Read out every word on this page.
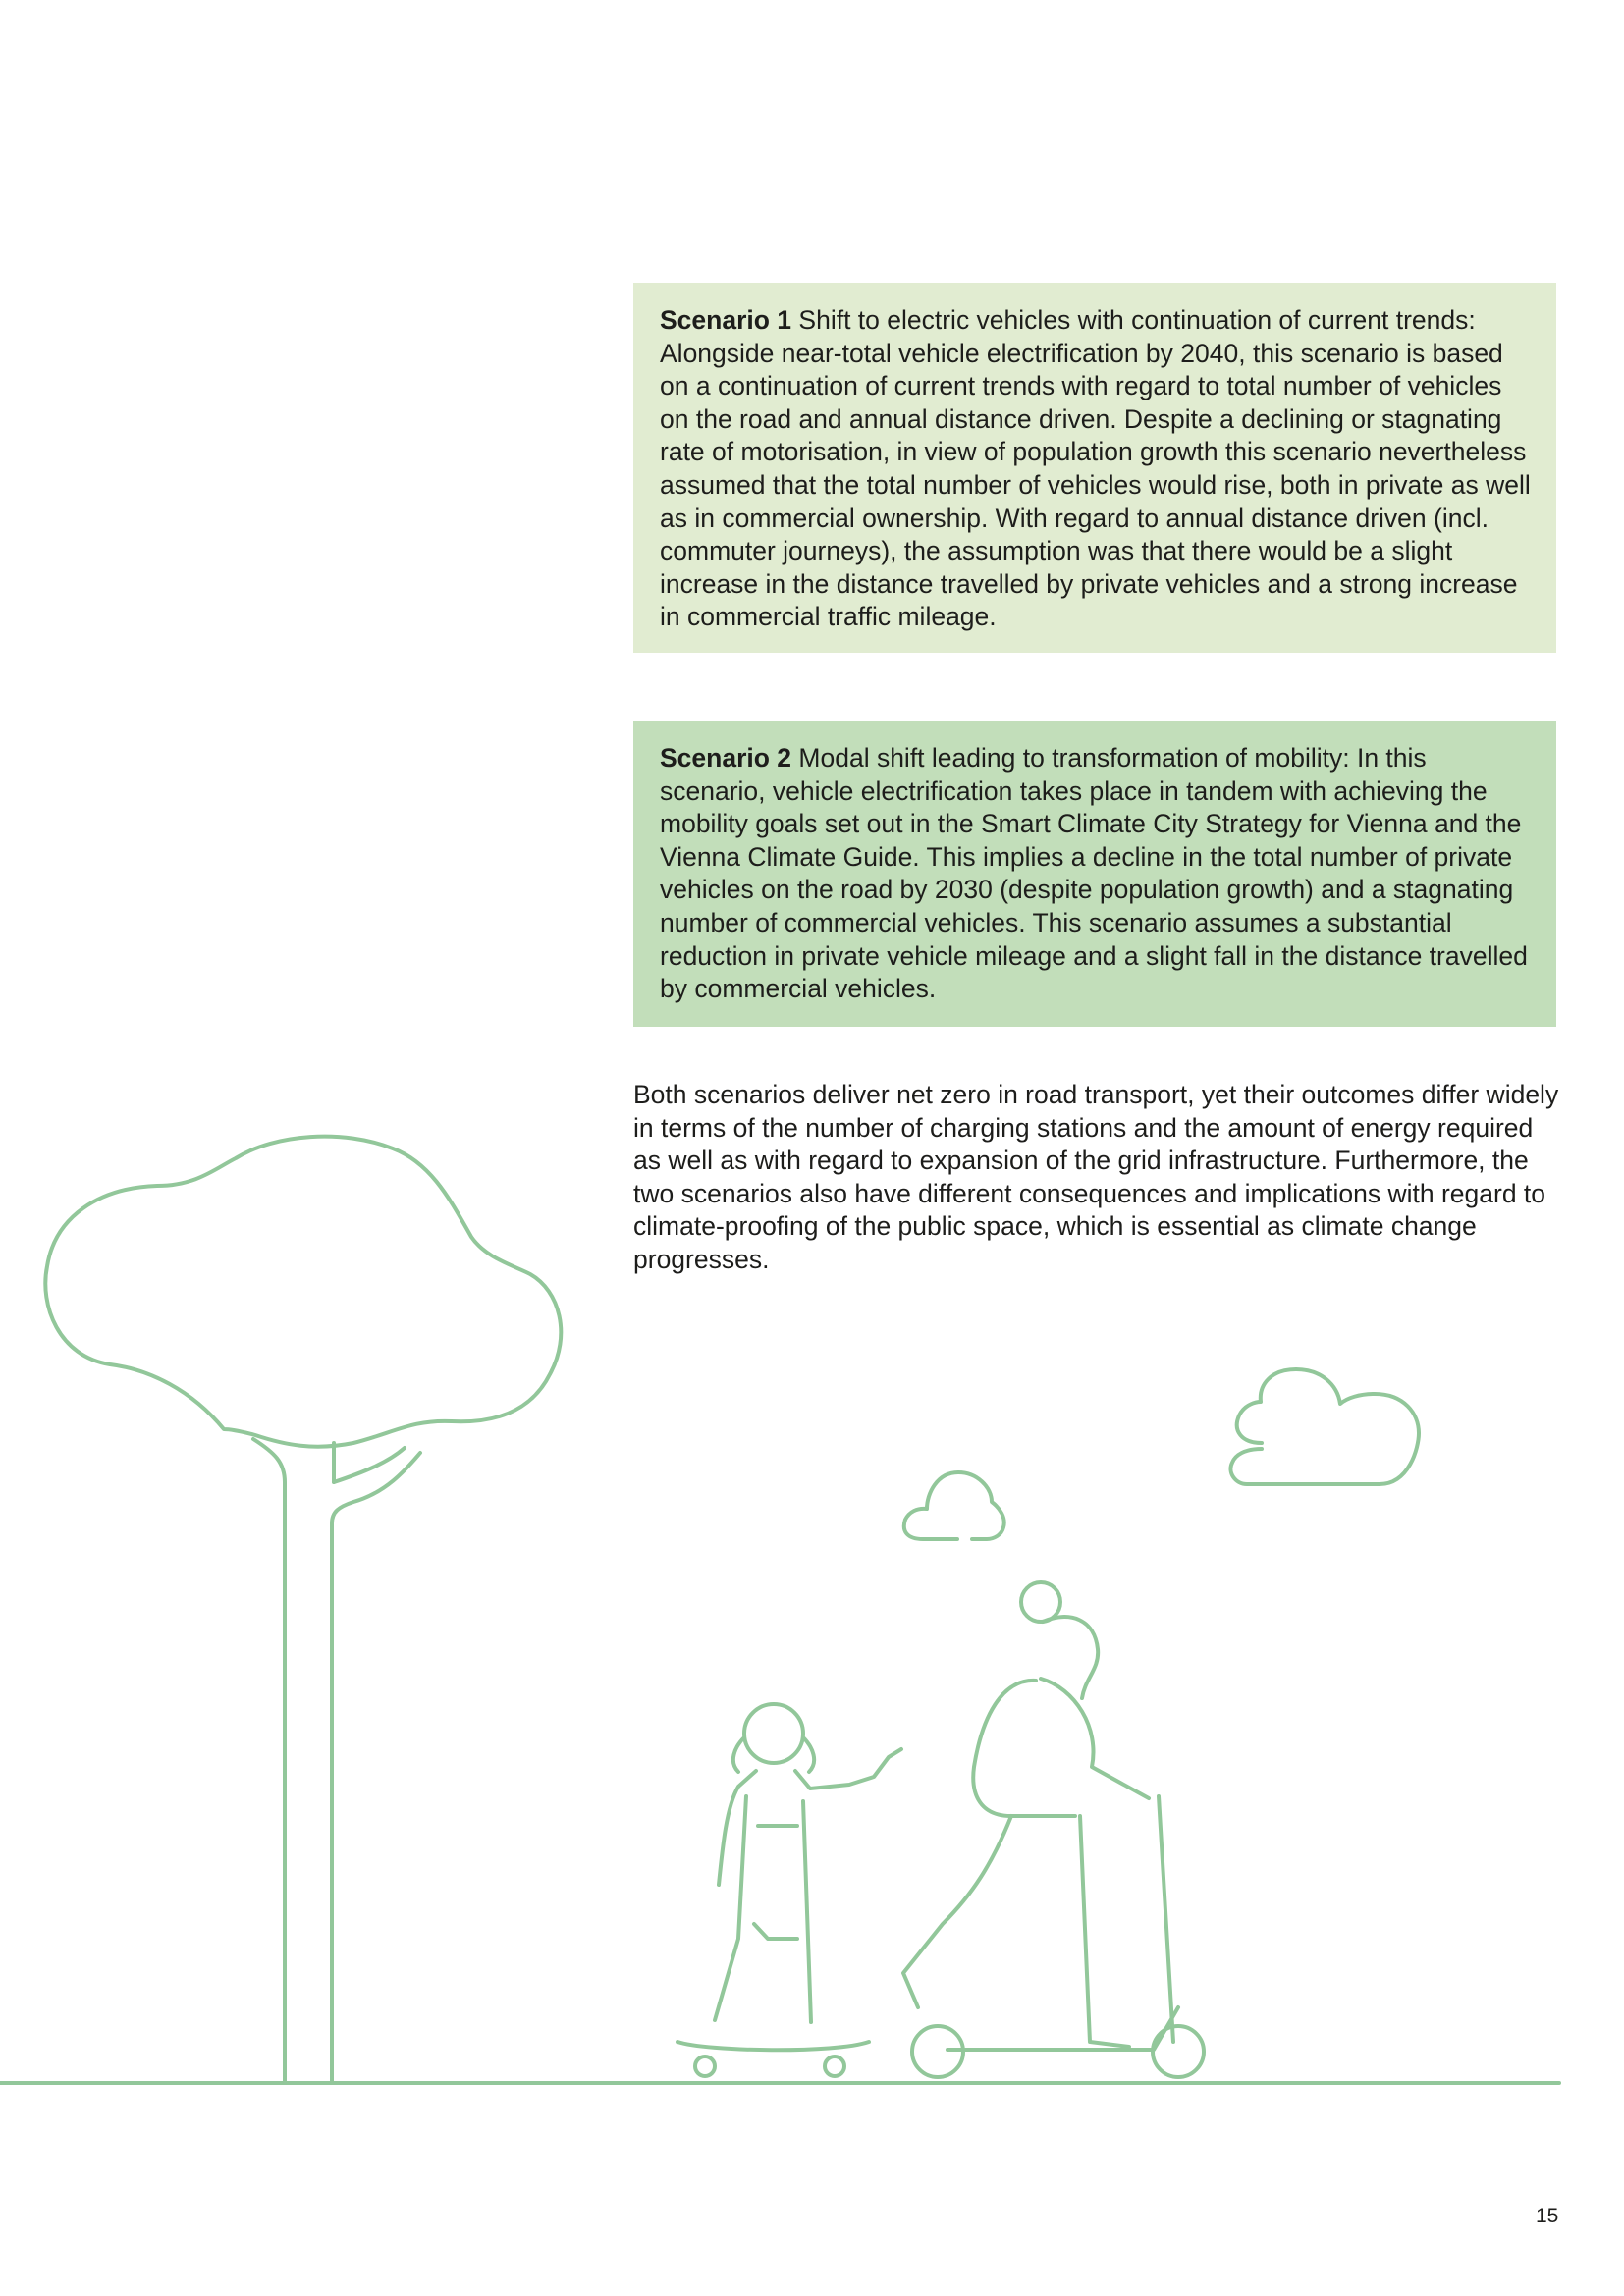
Scenario 1 Shift to electric vehicles with continuation of current trends: Alongside near-total vehicle electrification by 2040, this scenario is based on a continuation of current trends with regard to total number of vehicles on the road and annual distance driven. Despite a declining or stagnating rate of motorisation, in view of population growth this scenario nevertheless assumed that the total number of vehicles would rise, both in private as well as in commercial ownership. With regard to annual distance driven (incl. commuter journeys), the assumption was that there would be a slight increase in the distance travelled by private vehicles and a strong increase in commercial traffic mileage.
Scenario 2 Modal shift leading to transformation of mobility: In this scenario, vehicle electrification takes place in tandem with achieving the mobility goals set out in the Smart Climate City Strategy for Vienna and the Vienna Climate Guide. This implies a decline in the total number of private vehicles on the road by 2030 (despite population growth) and a stagnating number of commercial vehicles. This scenario assumes a substantial reduction in private vehicle mileage and a slight fall in the distance travelled by commercial vehicles.

Both scenarios deliver net zero in road transport, yet their outcomes differ widely in terms of the number of charging stations and the amount of energy required as well as with regard to expansion of the grid infrastructure. Furthermore, the two scenarios also have different consequences and implications with regard to climate-proofing of the public space, which is essential as climate change progresses.

15
